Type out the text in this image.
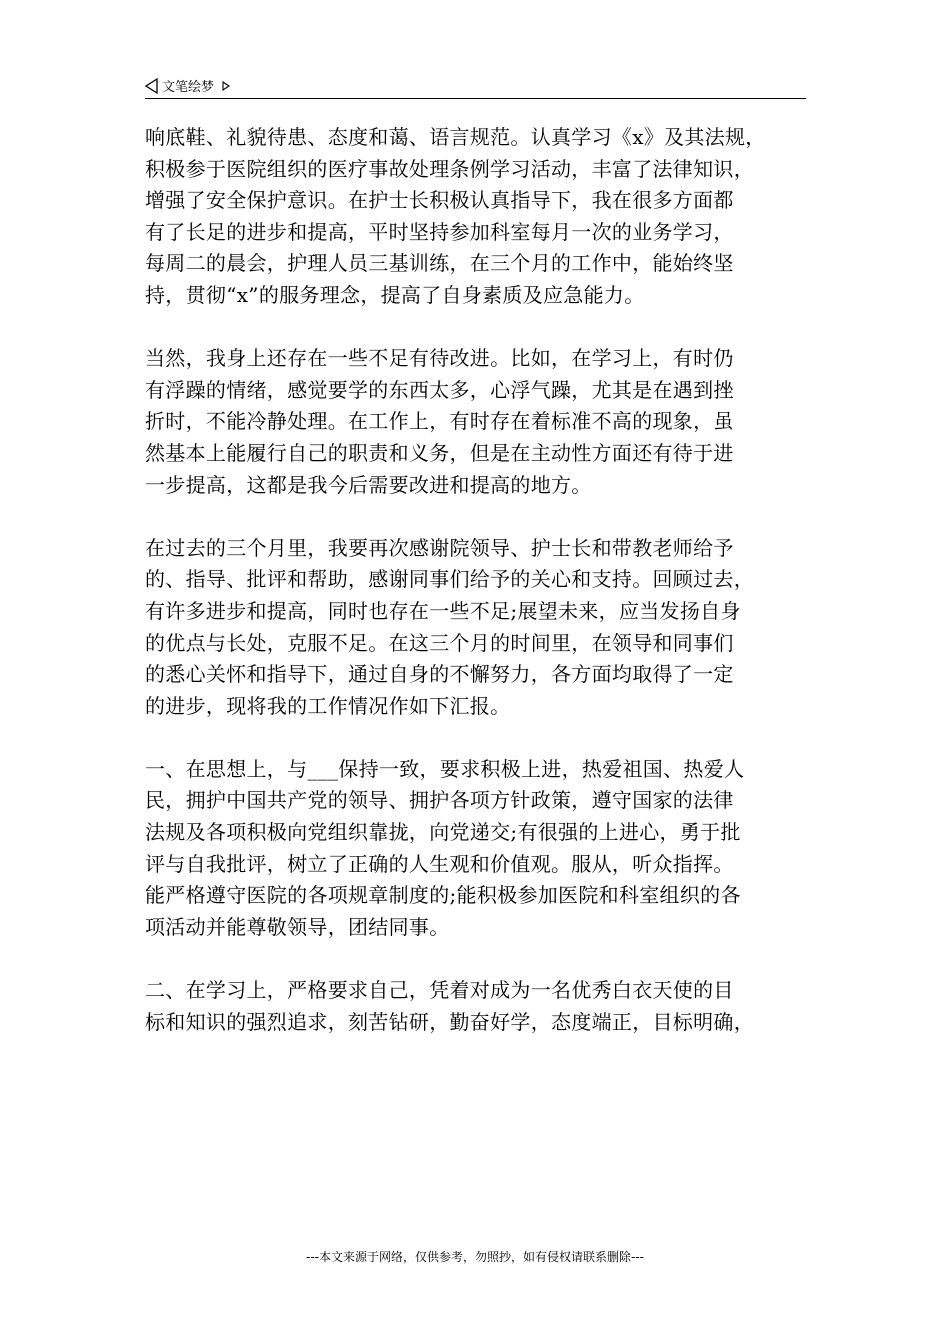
文笔绘梦

响底鞋、礼貌待患、态度和蔼、语言规范。认真学习《x》及其法规，
积极参于医院组织的医疗事故处理条例学习活动，丰富了法律知识，
增强了安全保护意识。在护士长积极认真指导下，我在很多方面都
有了长足的进步和提高，平时坚持参加科室每月一次的业务学习，
每周二的晨会，护理人员三基训练，在三个月的工作中，能始终坚
持，贯彻“x”的服务理念，提高了自身素质及应急能力。

当然，我身上还存在一些不足有待改进。比如，在学习上，有时仍
有浮躁的情绪，感觉要学的东西太多，心浮气躁，尤其是在遇到挫
折时，不能冷静处理。在工作上，有时存在着标准不高的现象，虽
然基本上能履行自己的职责和义务，但是在主动性方面还有待于进
一步提高，这都是我今后需要改进和提高的地方。

在过去的三个月里，我要再次感谢院领导、护士长和带教老师给予
的、指导、批评和帮助，感谢同事们给予的关心和支持。回顾过去，
有许多进步和提高，同时也存在一些不足;展望未来，应当发扬自身
的优点与长处，克服不足。在这三个月的时间里，在领导和同事们
的悉心关怀和指导下，通过自身的不懈努力，各方面均取得了一定
的进步，现将我的工作情况作如下汇报。

一、在思想上，与___保持一致，要求积极上进，热爱祖国、热爱人
民，拥护中国共产党的领导、拥护各项方针政策，遵守国家的法律
法规及各项积极向党组织靠拢，向党递交;有很强的上进心，勇于批
评与自我批评，树立了正确的人生观和价值观。服从，听众指挥。
能严格遵守医院的各项规章制度的;能积极参加医院和科室组织的各
项活动并能尊敬领导，团结同事。

二、在学习上，严格要求自己，凭着对成为一名优秀白衣天使的目
标和知识的强烈追求，刻苦钻研，勤奋好学，态度端正，目标明确，

---本文来源于网络，仅供参考，勿照抄，如有侵权请联系删除---
